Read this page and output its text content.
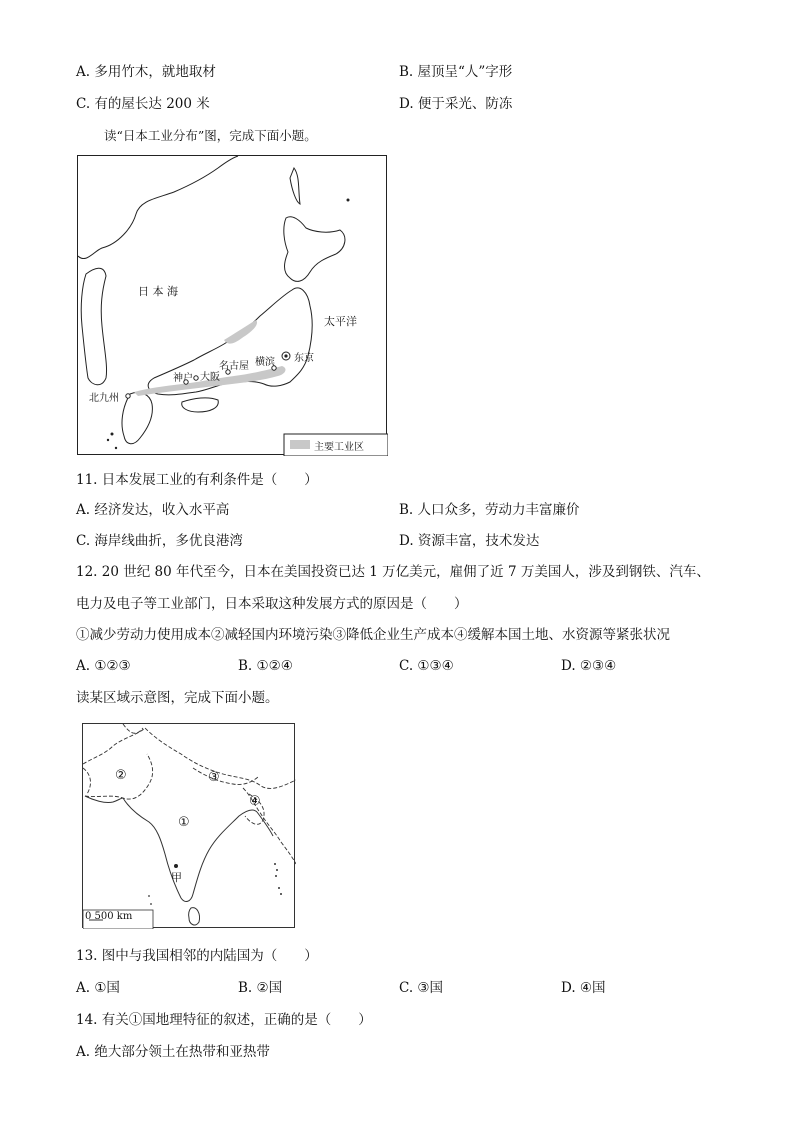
A. 多用竹木，就地取材	B. 屋顶呈“人”字形
C. 有的屋长达 200 米	D. 便于采光、防冻
读“日本工业分布”图，完成下面小题。
日 本 海
太平洋
东京
横滨
名古屋
神户 大阪
北九州
主要工业区
11. 日本发展工业的有利条件是（　　）
A. 经济发达，收入水平高	B. 人口众多，劳动力丰富廉价
C. 海岸线曲折，多优良港湾	D. 资源丰富，技术发达
12. 20 世纪 80 年代至今，日本在美国投资已达 1 万亿美元，雇佣了近 7 万美国人，涉及到钢铁、汽车、
电力及电子等工业部门，日本采取这种发展方式的原因是（　　）
①减少劳动力使用成本②减轻国内环境污染③降低企业生产成本④缓解本国土地、水资源等紧张状况
A. ①②③	B. ①②④	C. ①③④	D. ②③④
读某区域示意图，完成下面小题。
②	③
④
①
甲
0 500 km
13. 图中与我国相邻的内陆国为（　　）
A. ①国	B. ②国	C. ③国	D. ④国
14. 有关①国地理特征的叙述，正确的是（　　）
A. 绝大部分领土在热带和亚热带
